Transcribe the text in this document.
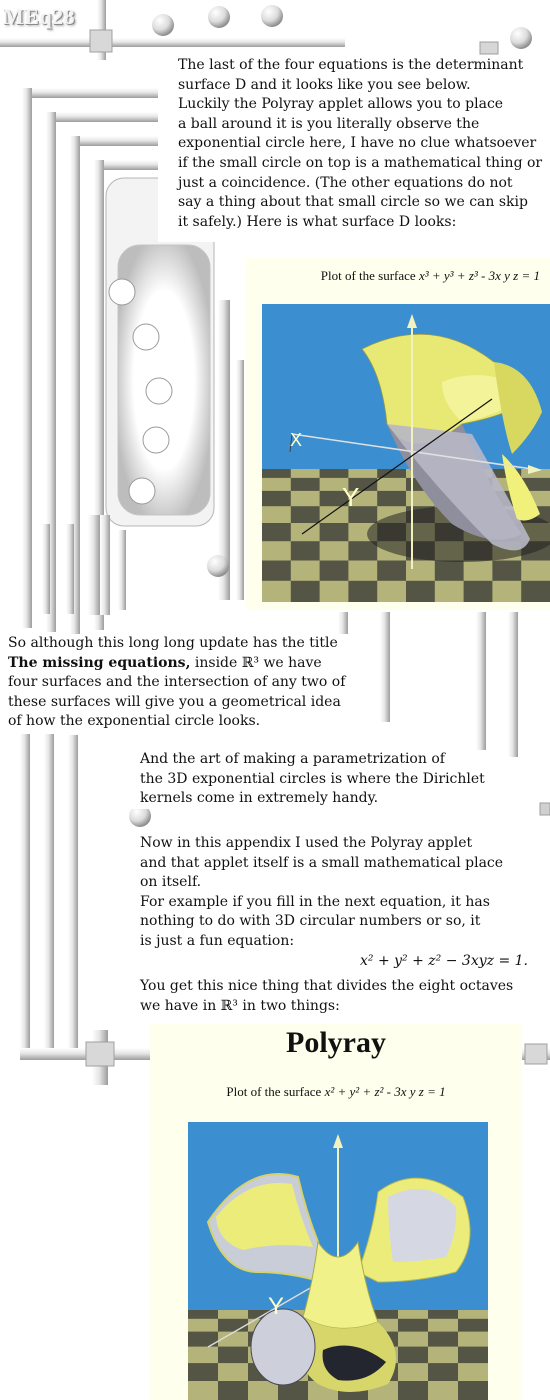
MEq28

The last of the four equations is the determinant

surface D and it looks like you see below.

Luckily the Polyray applet allows you to place

a ball around it is you literally observe the

exponential circle here, I have no clue whatsoever

if the small circle on top is a mathematical thing or

just a coincidence. (The other equations do not

say a thing about that small circle so we can skip

it safely.) Here is what surface D looks:

Plot of the surface x³ + y³ + z³ - 3x y z = 1
X
Y

So although this long long update has the title

The missing equations, inside ℝ³ we have

four surfaces and the intersection of any two of

these surfaces will give you a geometrical idea

of how the exponential circle looks.

And the art of making a parametrization of

the 3D exponential circles is where the Dirichlet

kernels come in extremely handy.

Now in this appendix I used the Polyray applet

and that applet itself is a small mathematical place

on itself.

For example if you fill in the next equation, it has

nothing to do with 3D circular numbers or so, it

is just a fun equation:

x² + y² + z² − 3xyz = 1.

You get this nice thing that divides the eight octaves

we have in ℝ³ in two things:

Polyray
Plot of the surface x² + y² + z² - 3x y z = 1
Y
